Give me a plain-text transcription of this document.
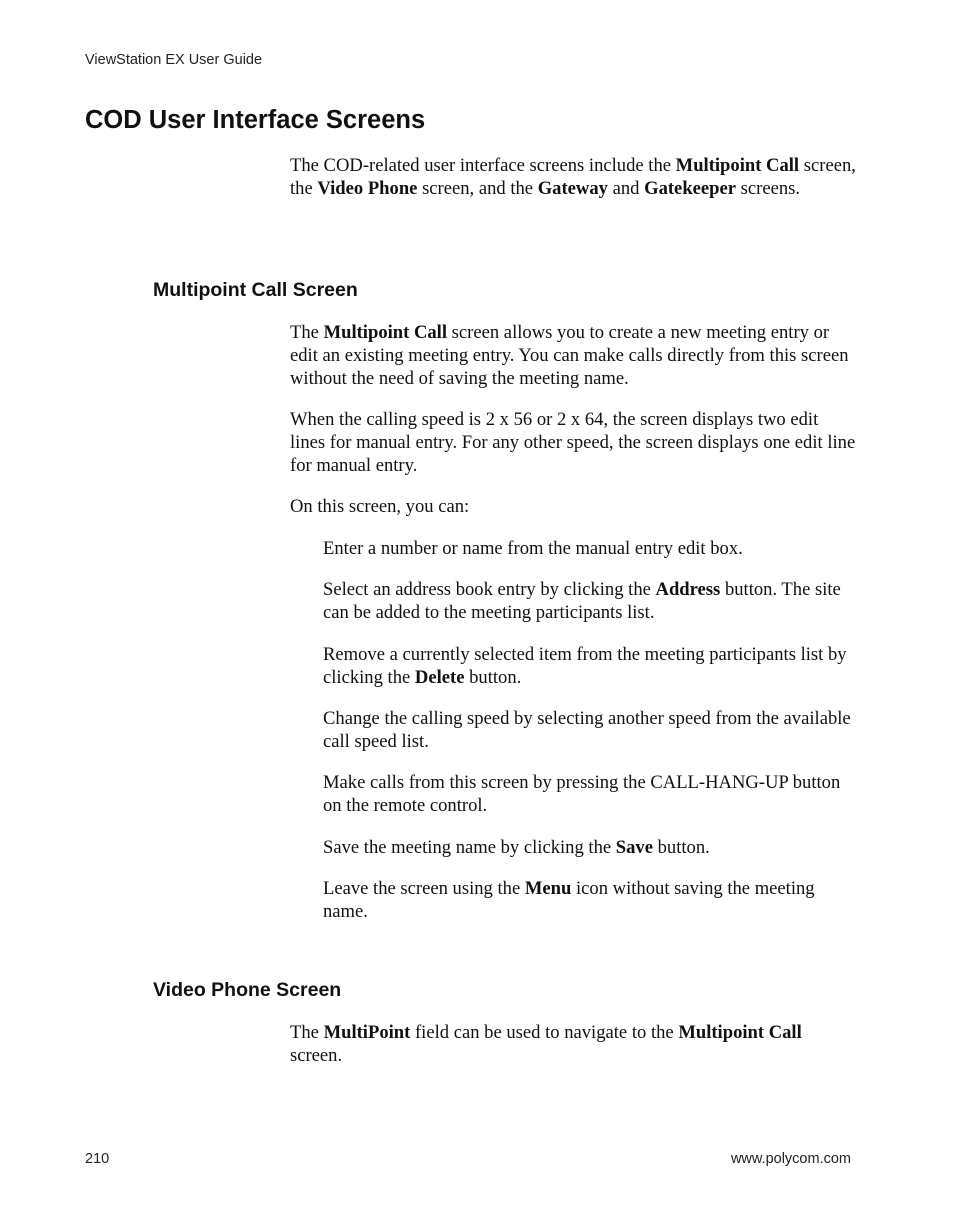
ViewStation EX User Guide
COD User Interface Screens

The COD-related user interface screens include the Multipoint Call screen, the Video Phone screen, and the Gateway and Gatekeeper screens.

Multipoint Call Screen

The Multipoint Call screen allows you to create a new meeting entry or edit an existing meeting entry. You can make calls directly from this screen without the need of saving the meeting name.

When the calling speed is 2 x 56 or 2 x 64, the screen displays two edit lines for manual entry. For any other speed, the screen displays one edit line for manual entry.

On this screen, you can:

Enter a number or name from the manual entry edit box.

Select an address book entry by clicking the Address button. The site can be added to the meeting participants list.

Remove a currently selected item from the meeting participants list by clicking the Delete button.

Change the calling speed by selecting another speed from the available call speed list.

Make calls from this screen by pressing the CALL-HANG-UP button on the remote control.

Save the meeting name by clicking the Save button.

Leave the screen using the Menu icon without saving the meeting name.

Video Phone Screen

The MultiPoint field can be used to navigate to the Multipoint Call screen.

210	www.polycom.com
